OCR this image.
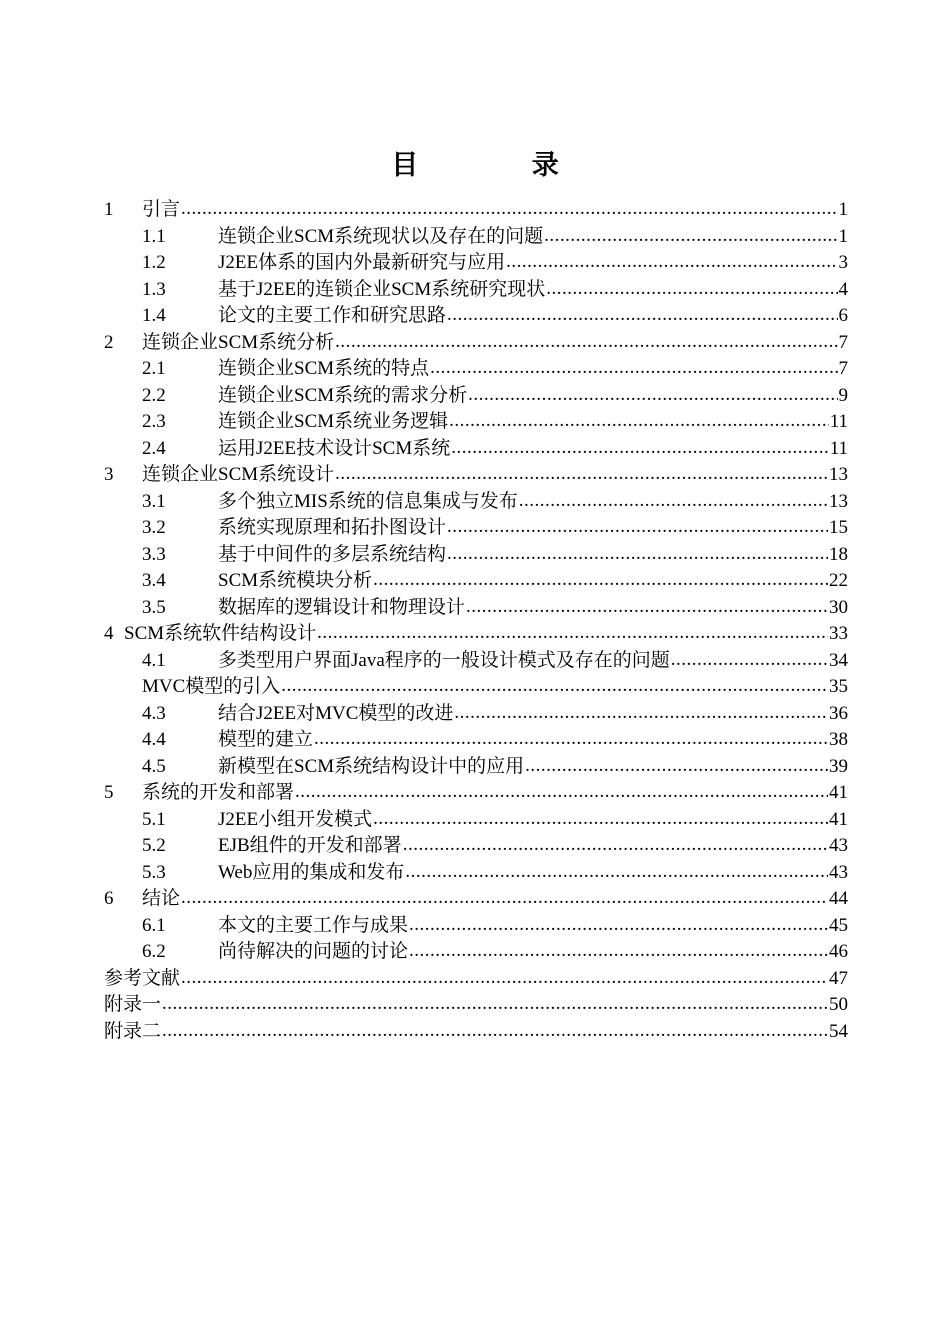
目 录
1	引言 .....	1
1.1	连锁企业SCM系统现状以及存在的问题 .....	1
1.2	J2EE体系的国内外最新研究与应用 .....	3
1.3	基于J2EE的连锁企业SCM系统研究现状 .....	4
1.4	论文的主要工作和研究思路 .....	6
2	连锁企业SCM系统分析 .....	7
2.1	连锁企业SCM系统的特点 .....	7
2.2	连锁企业SCM系统的需求分析 .....	9
2.3	连锁企业SCM系统业务逻辑 .....	11
2.4	运用J2EE技术设计SCM系统 .....	11
3	连锁企业SCM系统设计 .....	13
3.1	多个独立MIS系统的信息集成与发布 .....	13
3.2	系统实现原理和拓扑图设计 .....	15
3.3	基于中间件的多层系统结构 .....	18
3.4	SCM系统模块分析 .....	22
3.5	数据库的逻辑设计和物理设计 .....	30
4 SCM系统软件结构设计 .....	33
4.1	多类型用户界面Java程序的一般设计模式及存在的问题 .....	34
MVC模型的引入 .....	35
4.3	结合J2EE对MVC模型的改进 .....	36
4.4	模型的建立 .....	38
4.5	新模型在SCM系统结构设计中的应用 .....	39
5	系统的开发和部署 .....	41
5.1	J2EE小组开发模式 .....	41
5.2	EJB组件的开发和部署 .....	43
5.3	Web应用的集成和发布 .....	43
6	结论 .....	44
6.1	本文的主要工作与成果 .....	45
6.2	尚待解决的问题的讨论 .....	46
参考文献 .....	47
附录一 .....	50
附录二 .....	54
